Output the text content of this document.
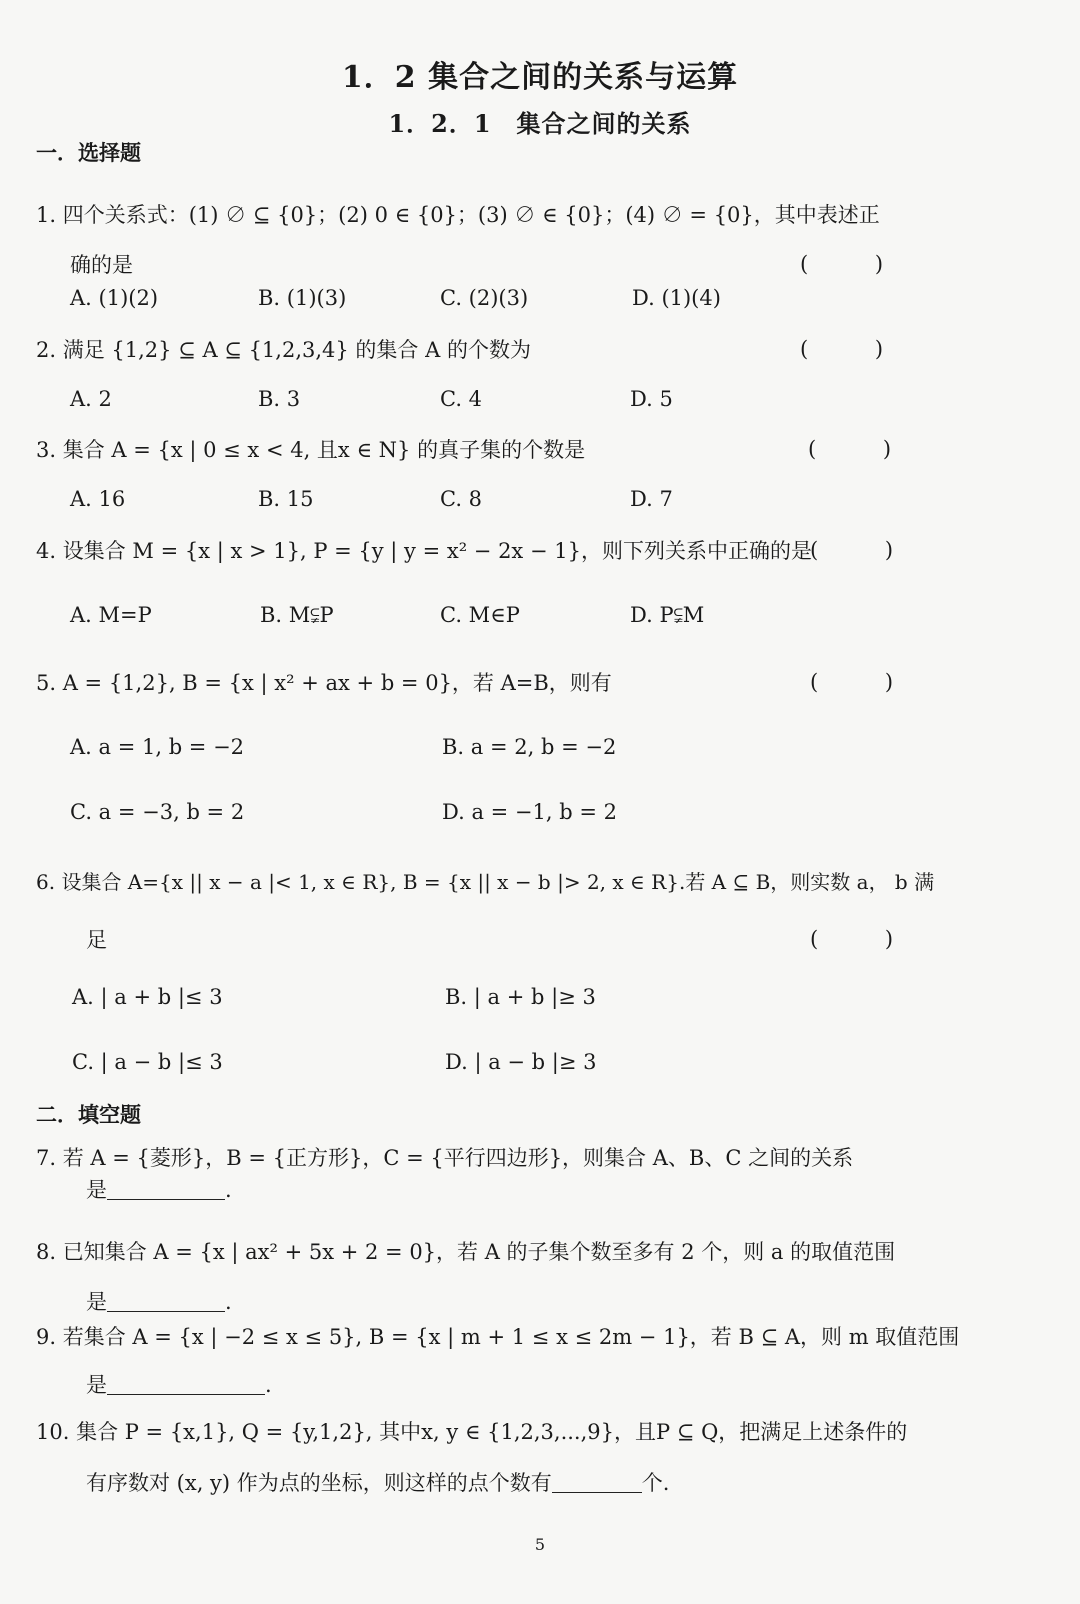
1．2 集合之间的关系与运算
1．2．1　集合之间的关系
一．选择题
1. 四个关系式：(1) ∅ ⊆ {0}；(2) 0 ∈ {0}；(3) ∅ ∈ {0}；(4) ∅ = {0}，其中表述正
确的是	( )
A. (1)(2)	B. (1)(3)	C. (2)(3)	D. (1)(4)
2. 满足 {1,2} ⊆ A ⊆ {1,2,3,4} 的集合 A 的个数为	( )
A. 2	B. 3	C. 4	D. 5
3. 集合 A = {x | 0 ≤ x < 4, 且x ∈ N} 的真子集的个数是	( )
A. 16	B. 15	C. 8	D. 7
4. 设集合 M = {x | x > 1}, P = {y | y = x² − 2x − 1}，则下列关系中正确的是
( )
A. M=P	B. M⫋P	C. M∈P	D. P⫋M
5. A = {1,2}, B = {x | x² + ax + b = 0}，若 A=B，则有	( )
A. a = 1, b = −2	B. a = 2, b = −2
C. a = −3, b = 2	D. a = −1, b = 2
6. 设集合 A={x || x − a |< 1, x ∈ R}, B = {x || x − b |> 2, x ∈ R}.若 A ⊆ B，则实数 a， b 满
足	( )
A. | a + b |≤ 3	B. | a + b |≥ 3
C. | a − b |≤ 3	D. | a − b |≥ 3
二．填空题
7. 若 A = {菱形}，B = {正方形}，C = {平行四边形}，则集合 A、B、C 之间的关系
是	.
8. 已知集合 A = {x | ax² + 5x + 2 = 0}，若 A 的子集个数至多有 2 个，则 a 的取值范围
是	.
9. 若集合 A = {x | −2 ≤ x ≤ 5}, B = {x | m + 1 ≤ x ≤ 2m − 1}，若 B ⊆ A，则 m 取值范围
是	.
10. 集合 P = {x,1}, Q = {y,1,2}, 其中x, y ∈ {1,2,3,...,9}，且P ⊆ Q，把满足上述条件的
有序数对 (x, y) 作为点的坐标，则这样的点个数有	个.
5
